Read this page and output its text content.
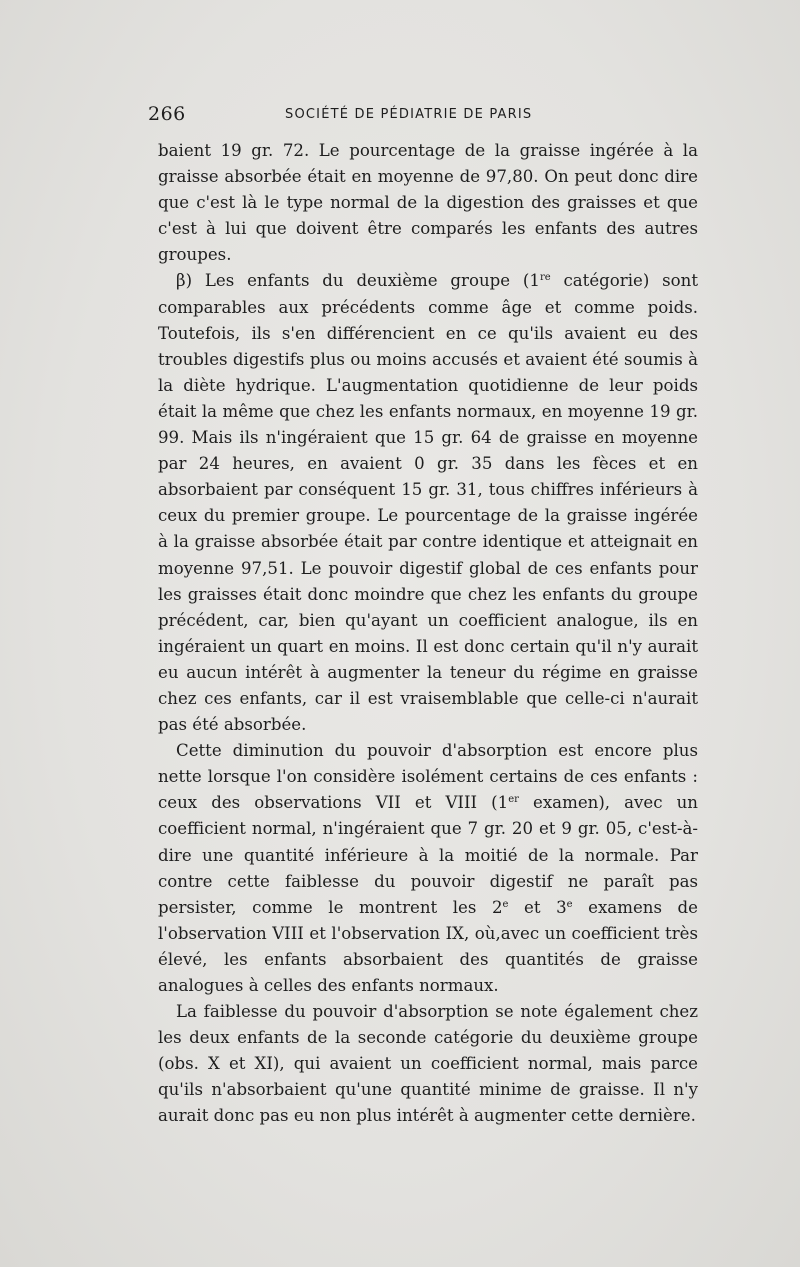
266	SOCIÉTÉ DE PÉDIATRIE DE PARIS

baient 19 gr. 72. Le pourcentage de la graisse ingérée à la graisse absorbée était en moyenne de 97,80. On peut donc dire que c'est là le type normal de la digestion des graisses et que c'est à lui que doivent être comparés les enfants des autres groupes.

β) Les enfants du deuxième groupe (1re catégorie) sont comparables aux précédents comme âge et comme poids. Toutefois, ils s'en différencient en ce qu'ils avaient eu des troubles digestifs plus ou moins accusés et avaient été soumis à la diète hydrique. L'augmentation quotidienne de leur poids était la même que chez les enfants normaux, en moyenne 19 gr. 99. Mais ils n'ingéraient que 15 gr. 64 de graisse en moyenne par 24 heures, en avaient 0 gr. 35 dans les fèces et en absorbaient par conséquent 15 gr. 31, tous chiffres inférieurs à ceux du premier groupe. Le pourcentage de la graisse ingérée à la graisse absorbée était par contre identique et atteignait en moyenne 97,51. Le pouvoir digestif global de ces enfants pour les graisses était donc moindre que chez les enfants du groupe précédent, car, bien qu'ayant un coefficient analogue, ils en ingéraient un quart en moins. Il est donc certain qu'il n'y aurait eu aucun intérêt à augmenter la teneur du régime en graisse chez ces enfants, car il est vraisemblable que celle-ci n'aurait pas été absorbée.

Cette diminution du pouvoir d'absorption est encore plus nette lorsque l'on considère isolément certains de ces enfants : ceux des observations VII et VIII (1er examen), avec un coefficient normal, n'ingéraient que 7 gr. 20 et 9 gr. 05, c'est-à-dire une quantité inférieure à la moitié de la normale. Par contre cette faiblesse du pouvoir digestif ne paraît pas persister, comme le montrent les 2e et 3e examens de l'observation VIII et l'observation IX, où,avec un coefficient très élevé, les enfants absorbaient des quantités de graisse analogues à celles des enfants normaux.

La faiblesse du pouvoir d'absorption se note également chez les deux enfants de la seconde catégorie du deuxième groupe (obs. X et XI), qui avaient un coefficient normal, mais parce qu'ils n'absorbaient qu'une quantité minime de graisse. Il n'y aurait donc pas eu non plus intérêt à augmenter cette dernière.
